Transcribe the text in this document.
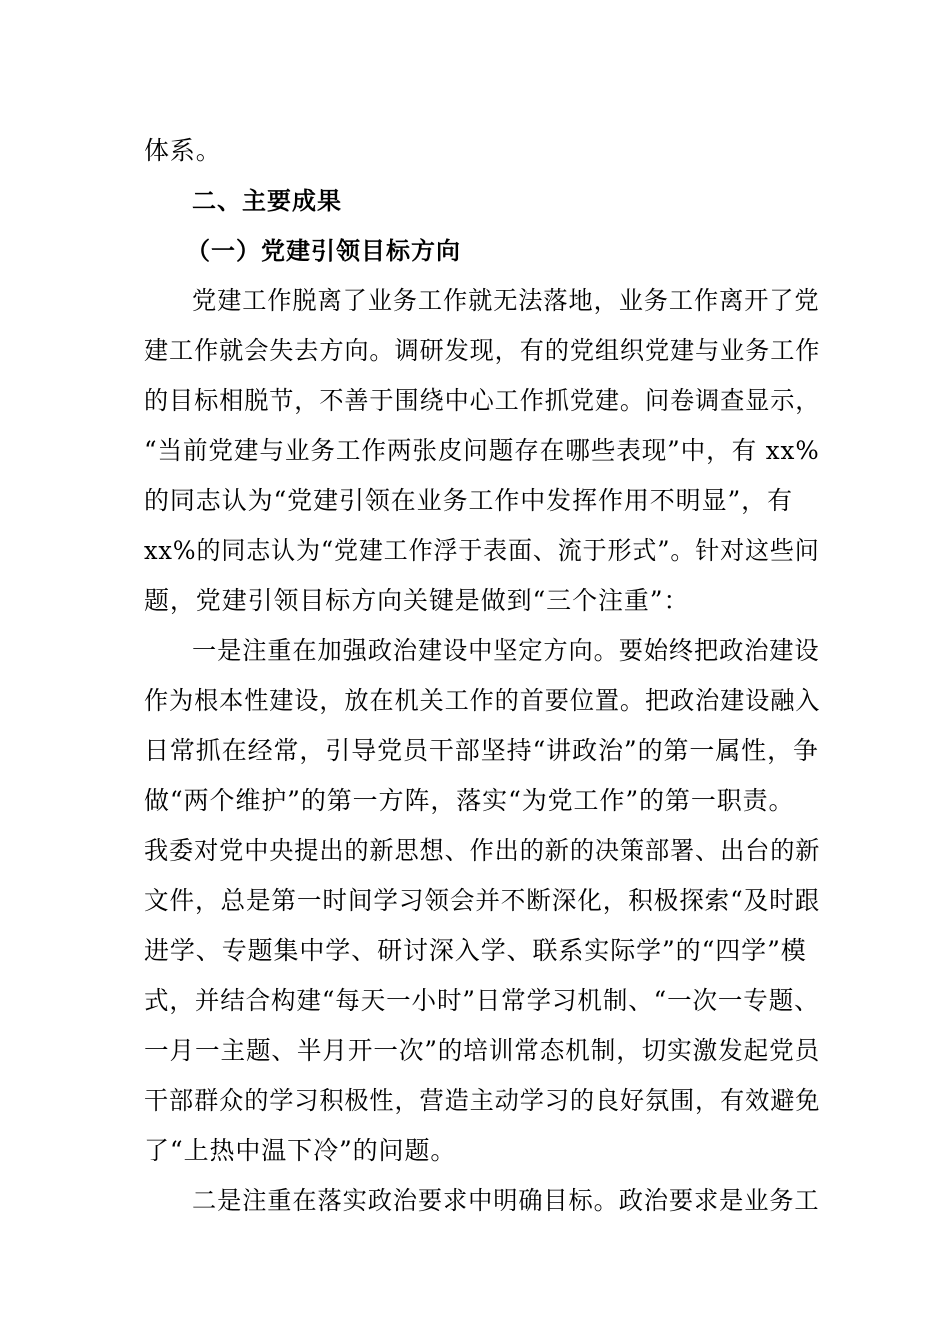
体系。
二、主要成果
（一）党建引领目标方向
党建工作脱离了业务工作就无法落地，业务工作离开了党
建工作就会失去方向。调研发现，有的党组织党建与业务工作
的目标相脱节，不善于围绕中心工作抓党建。问卷调查显示，
“当前党建与业务工作两张皮问题存在哪些表现”中，有 xx%
的同志认为“党建引领在业务工作中发挥作用不明显”，有
xx%的同志认为“党建工作浮于表面、流于形式”。针对这些问
题，党建引领目标方向关键是做到“三个注重”：
一是注重在加强政治建设中坚定方向。要始终把政治建设
作为根本性建设，放在机关工作的首要位置。把政治建设融入
日常抓在经常，引导党员干部坚持“讲政治”的第一属性，争
做“两个维护”的第一方阵，落实“为党工作”的第一职责。
我委对党中央提出的新思想、作出的新的决策部署、出台的新
文件，总是第一时间学习领会并不断深化，积极探索“及时跟
进学、专题集中学、研讨深入学、联系实际学”的“四学”模
式，并结合构建“每天一小时”日常学习机制、“一次一专题、
一月一主题、半月开一次”的培训常态机制，切实激发起党员
干部群众的学习积极性，营造主动学习的良好氛围，有效避免
了“上热中温下冷”的问题。
二是注重在落实政治要求中明确目标。政治要求是业务工
